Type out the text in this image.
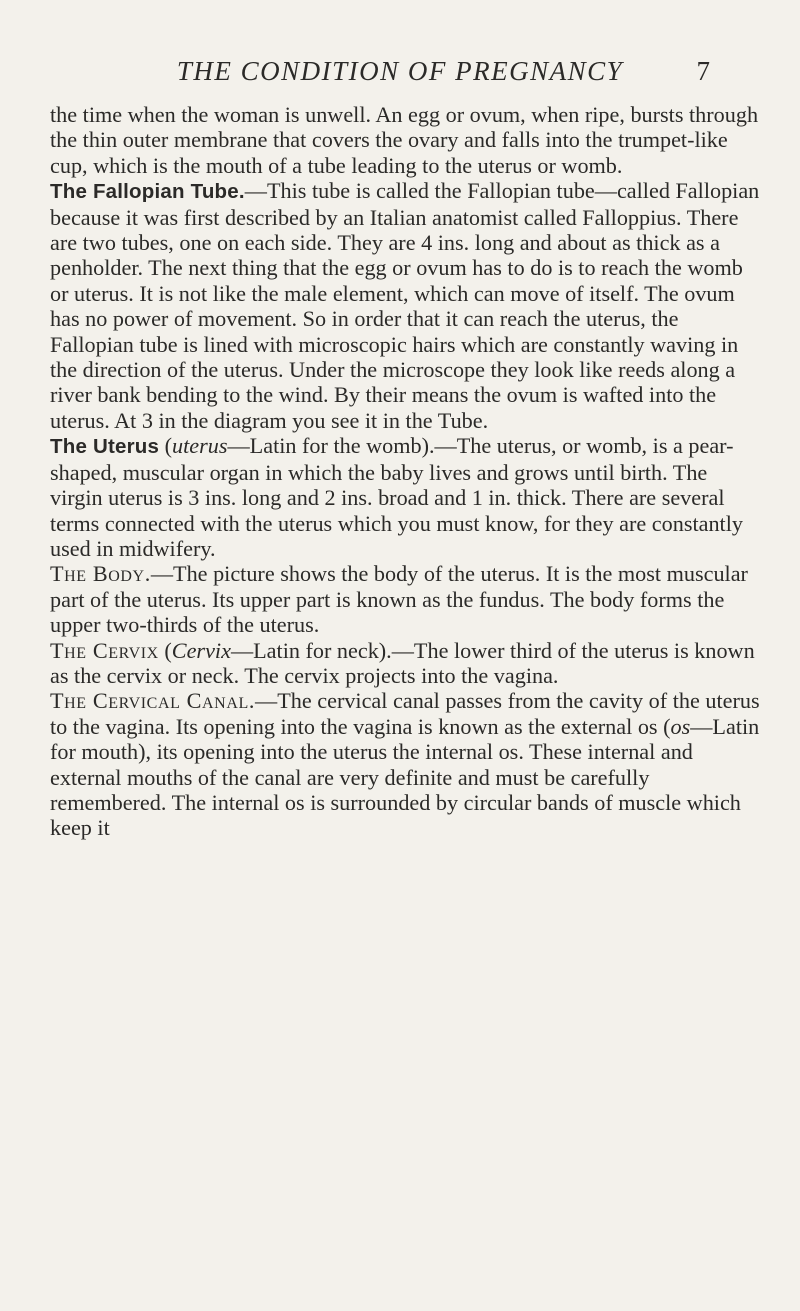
THE CONDITION OF PREGNANCY	7

the time when the woman is unwell. An egg or ovum, when ripe, bursts through the thin outer membrane that covers the ovary and falls into the trumpet-like cup, which is the mouth of a tube leading to the uterus or womb.

The Fallopian Tube.—This tube is called the Fallopian tube—called Fallopian because it was first described by an Italian anatomist called Falloppius. There are two tubes, one on each side. They are 4 ins. long and about as thick as a penholder. The next thing that the egg or ovum has to do is to reach the womb or uterus. It is not like the male element, which can move of itself. The ovum has no power of movement. So in order that it can reach the uterus, the Fallopian tube is lined with microscopic hairs which are constantly waving in the direction of the uterus. Under the microscope they look like reeds along a river bank bending to the wind. By their means the ovum is wafted into the uterus. At 3 in the diagram you see it in the Tube.

The Uterus (uterus—Latin for the womb).—The uterus, or womb, is a pear-shaped, muscular organ in which the baby lives and grows until birth. The virgin uterus is 3 ins. long and 2 ins. broad and 1 in. thick. There are several terms connected with the uterus which you must know, for they are constantly used in midwifery.

The Body.—The picture shows the body of the uterus. It is the most muscular part of the uterus. Its upper part is known as the fundus. The body forms the upper two-thirds of the uterus.

The Cervix (Cervix—Latin for neck).—The lower third of the uterus is known as the cervix or neck. The cervix projects into the vagina.

The Cervical Canal.—The cervical canal passes from the cavity of the uterus to the vagina. Its opening into the vagina is known as the external os (os—Latin for mouth), its opening into the uterus the internal os. These internal and external mouths of the canal are very definite and must be carefully remembered. The internal os is surrounded by circular bands of muscle which keep it
